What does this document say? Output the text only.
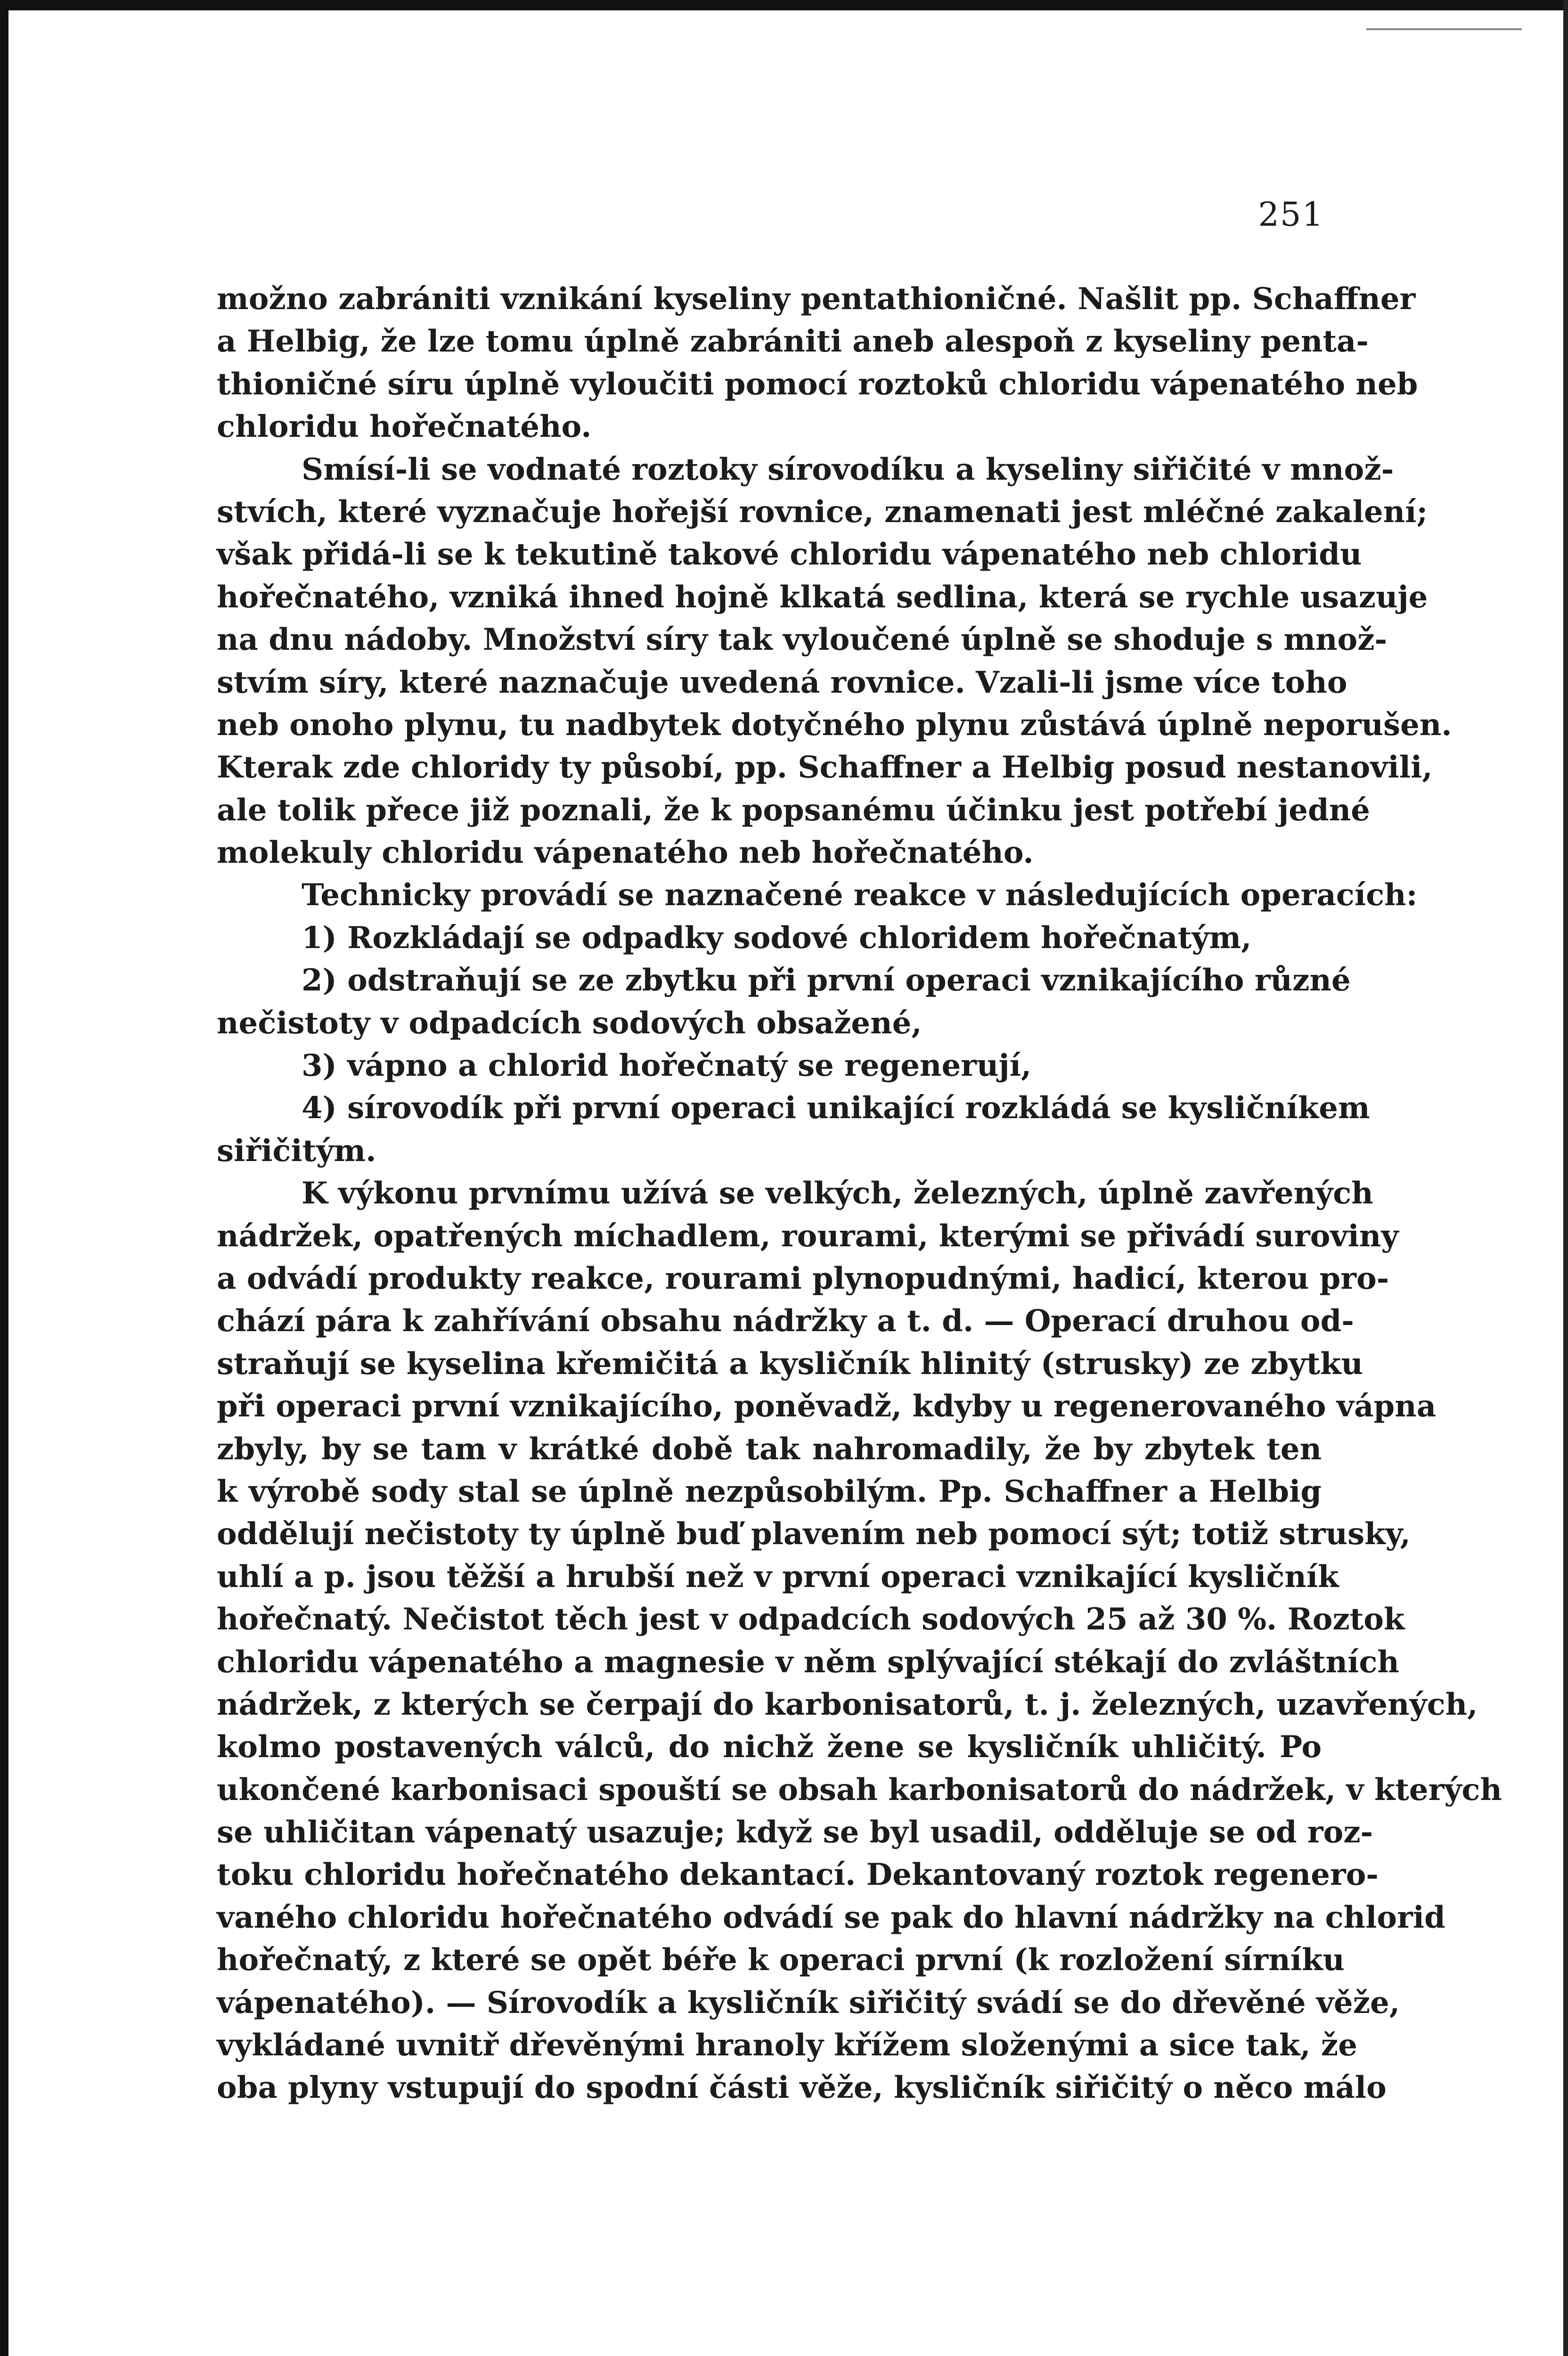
251
možno zabrániti vznikání kyseliny pentathioničné. Našlit pp. Schaffner
a Helbig, že lze tomu úplně zabrániti aneb alespoň z kyseliny penta-
thioničné síru úplně vyloučiti pomocí roztoků chloridu vápenatého neb
chloridu hořečnatého.
Smísí-li se vodnaté roztoky sírovodíku a kyseliny siřičité v množ-
stvích, které vyznačuje hořejší rovnice, znamenati jest mléčné zakalení;
však přidá-li se k tekutině takové chloridu vápenatého neb chloridu
hořečnatého, vzniká ihned hojně klkatá sedlina, která se rychle usazuje
na dnu nádoby. Množství síry tak vyloučené úplně se shoduje s množ-
stvím síry, které naznačuje uvedená rovnice. Vzali-li jsme více toho
neb onoho plynu, tu nadbytek dotyčného plynu zůstává úplně neporušen.
Kterak zde chloridy ty působí, pp. Schaffner a Helbig posud nestanovili,
ale tolik přece již poznali, že k popsanému účinku jest potřebí jedné
molekuly chloridu vápenatého neb hořečnatého.
Technicky provádí se naznačené reakce v následujících operacích:
1) Rozkládají se odpadky sodové chloridem hořečnatým,
2) odstraňují se ze zbytku při první operaci vznikajícího různé
nečistoty v odpadcích sodových obsažené,
3) vápno a chlorid hořečnatý se regenerují,
4) sírovodík při první operaci unikající rozkládá se kysličníkem
siřičitým.
K výkonu prvnímu užívá se velkých, železných, úplně zavřených
nádržek, opatřených míchadlem, rourami, kterými se přivádí suroviny
a odvádí produkty reakce, rourami plynopudnými, hadicí, kterou pro-
chází pára k zahřívání obsahu nádržky a t. d. — Operací druhou od-
straňují se kyselina křemičitá a kysličník hlinitý (strusky) ze zbytku
při operaci první vznikajícího, poněvadž, kdyby u regenerovaného vápna
zbyly, by se tam v krátké době tak nahromadily, že by zbytek ten
k výrobě sody stal se úplně nezpůsobilým. Pp. Schaffner a Helbig
oddělují nečistoty ty úplně buď plavením neb pomocí sýt; totiž strusky,
uhlí a p. jsou těžší a hrubší než v první operaci vznikající kysličník
hořečnatý. Nečistot těch jest v odpadcích sodových 25 až 30 %. Roztok
chloridu vápenatého a magnesie v něm splývající stékají do zvláštních
nádržek, z kterých se čerpají do karbonisatorů, t. j. železných, uzavřených,
kolmo postavených válců, do nichž žene se kysličník uhličitý. Po
ukončené karbonisaci spouští se obsah karbonisatorů do nádržek, v kterých
se uhličitan vápenatý usazuje; když se byl usadil, odděluje se od roz-
toku chloridu hořečnatého dekantací. Dekantovaný roztok regenero-
vaného chloridu hořečnatého odvádí se pak do hlavní nádržky na chlorid
hořečnatý, z které se opět béře k operaci první (k rozložení sírníku
vápenatého). — Sírovodík a kysličník siřičitý svádí se do dřevěné věže,
vykládané uvnitř dřevěnými hranoly křížem složenými a sice tak, že
oba plyny vstupují do spodní části věže, kysličník siřičitý o něco málo
